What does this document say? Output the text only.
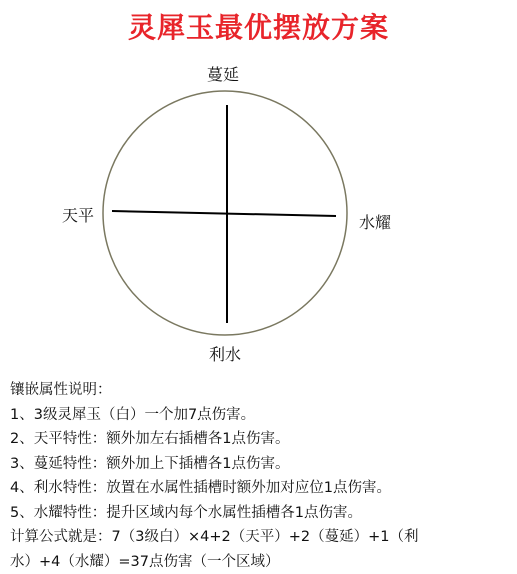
灵犀玉最优摆放方案
蔓延
天平	水耀
利水
镶嵌属性说明：
1、3级灵犀玉（白）一个加7点伤害。
2、天平特性：额外加左右插槽各1点伤害。
3、蔓延特性：额外加上下插槽各1点伤害。
4、利水特性：放置在水属性插槽时额外加对应位1点伤害。
5、水耀特性：提升区域内每个水属性插槽各1点伤害。
计算公式就是：7（3级白）×4+2（天平）+2（蔓延）+1（利
水）+4（水耀）=37点伤害（一个区域）
